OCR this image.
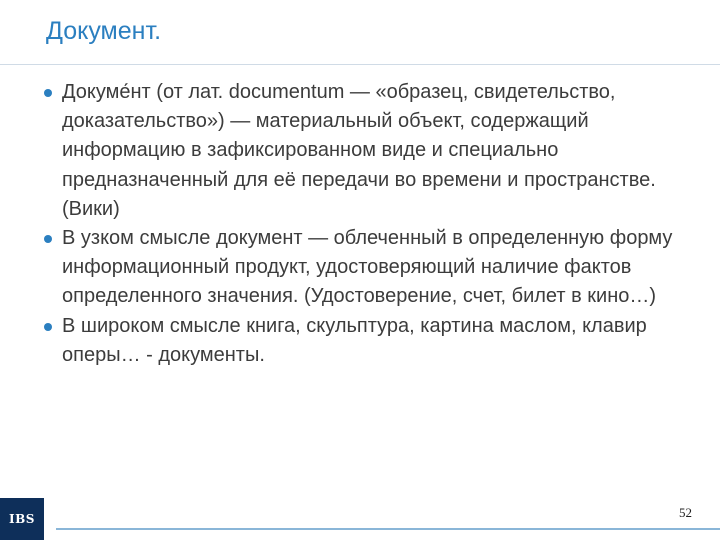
Документ.
Докуме́нт (от лат. documentum — «образец, свидетельство, доказательство») — материальный объект, содержащий информацию в зафиксированном виде и специально предназначенный для её передачи во времени и пространстве. (Вики)
В узком смысле документ — облеченный в определенную форму информационный продукт, удостоверяющий наличие фактов определенного значения. (Удостоверение, счет, билет в кино…)
В широком смысле книга, скульптура, картина маслом, клавир оперы… - документы.
IBS	52
